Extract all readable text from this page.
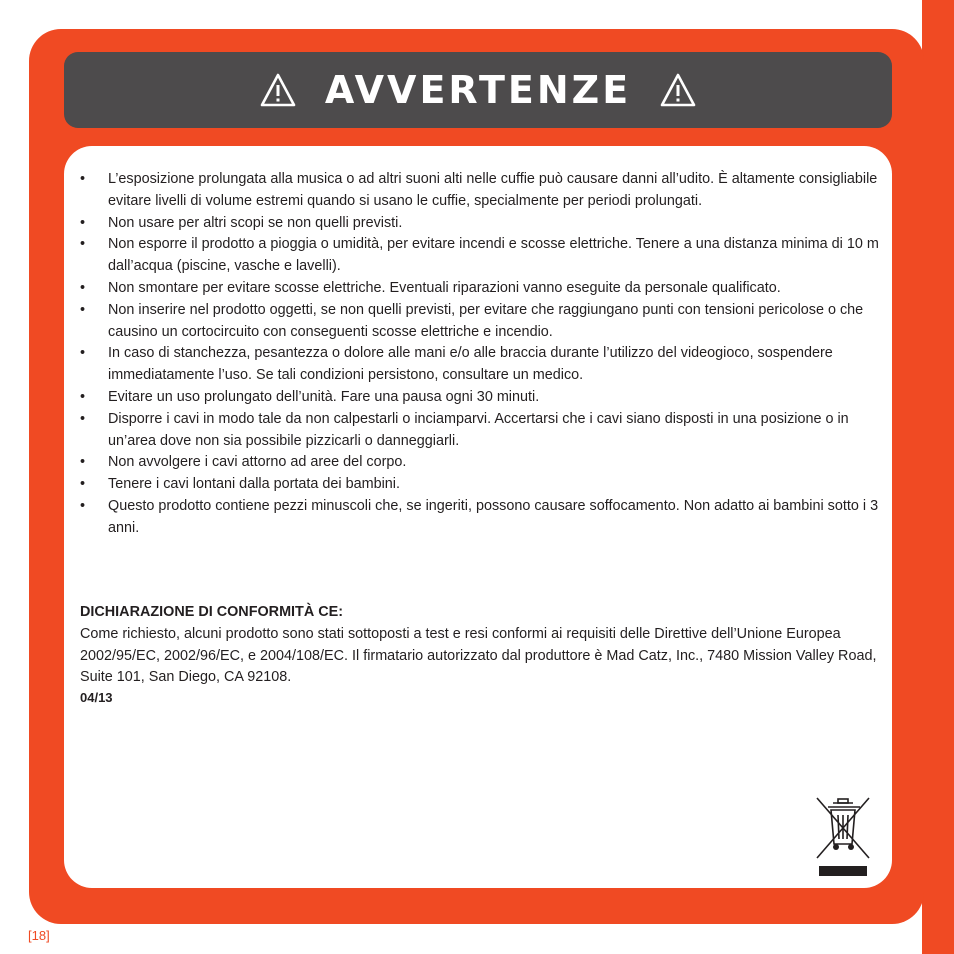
AVVERTENZE
• L’esposizione prolungata alla musica o ad altri suoni alti nelle cuffie può causare danni all’udito. È altamente consigliabile evitare livelli di volume estremi quando si usano le cuffie, specialmente per periodi prolungati.
• Non usare per altri scopi se non quelli previsti.
• Non esporre il prodotto a pioggia o umidità, per evitare incendi e scosse elettriche. Tenere a una distanza minima di 10 m dall’acqua (piscine, vasche e lavelli).
• Non smontare per evitare scosse elettriche. Eventuali riparazioni vanno eseguite da personale qualificato.
• Non inserire nel prodotto oggetti, se non quelli previsti, per evitare che raggiungano punti con tensioni pericolose o che causino un cortocircuito con conseguenti scosse elettriche e incendio.
• In caso di stanchezza, pesantezza o dolore alle mani e/o alle braccia durante l’utilizzo del videogioco, sospendere immediatamente l’uso. Se tali condizioni persistono, consultare un medico.
• Evitare un uso prolungato dell’unità. Fare una pausa ogni 30 minuti.
• Disporre i cavi in modo tale da non calpestarli o inciamparvi. Accertarsi che i cavi siano disposti in una posizione o in un’area dove non sia possibile pizzicarli o danneggiarli.
• Non avvolgere i cavi attorno ad aree del corpo.
• Tenere i cavi lontani dalla portata dei bambini.
• Questo prodotto contiene pezzi minuscoli che, se ingeriti, possono causare soffocamento. Non adatto ai bambini sotto i 3 anni.
DICHIARAZIONE DI CONFORMITÀ CE:
Come richiesto, alcuni prodotto sono stati sottoposti a test e resi conformi ai requisiti delle Direttive dell’Unione Europea 2002/95/EC, 2002/96/EC, e 2004/108/EC. Il firmatario autorizzato dal produttore è Mad Catz, Inc., 7480 Mission Valley Road, Suite 101, San Diego, CA 92108.
04/13
[18]
